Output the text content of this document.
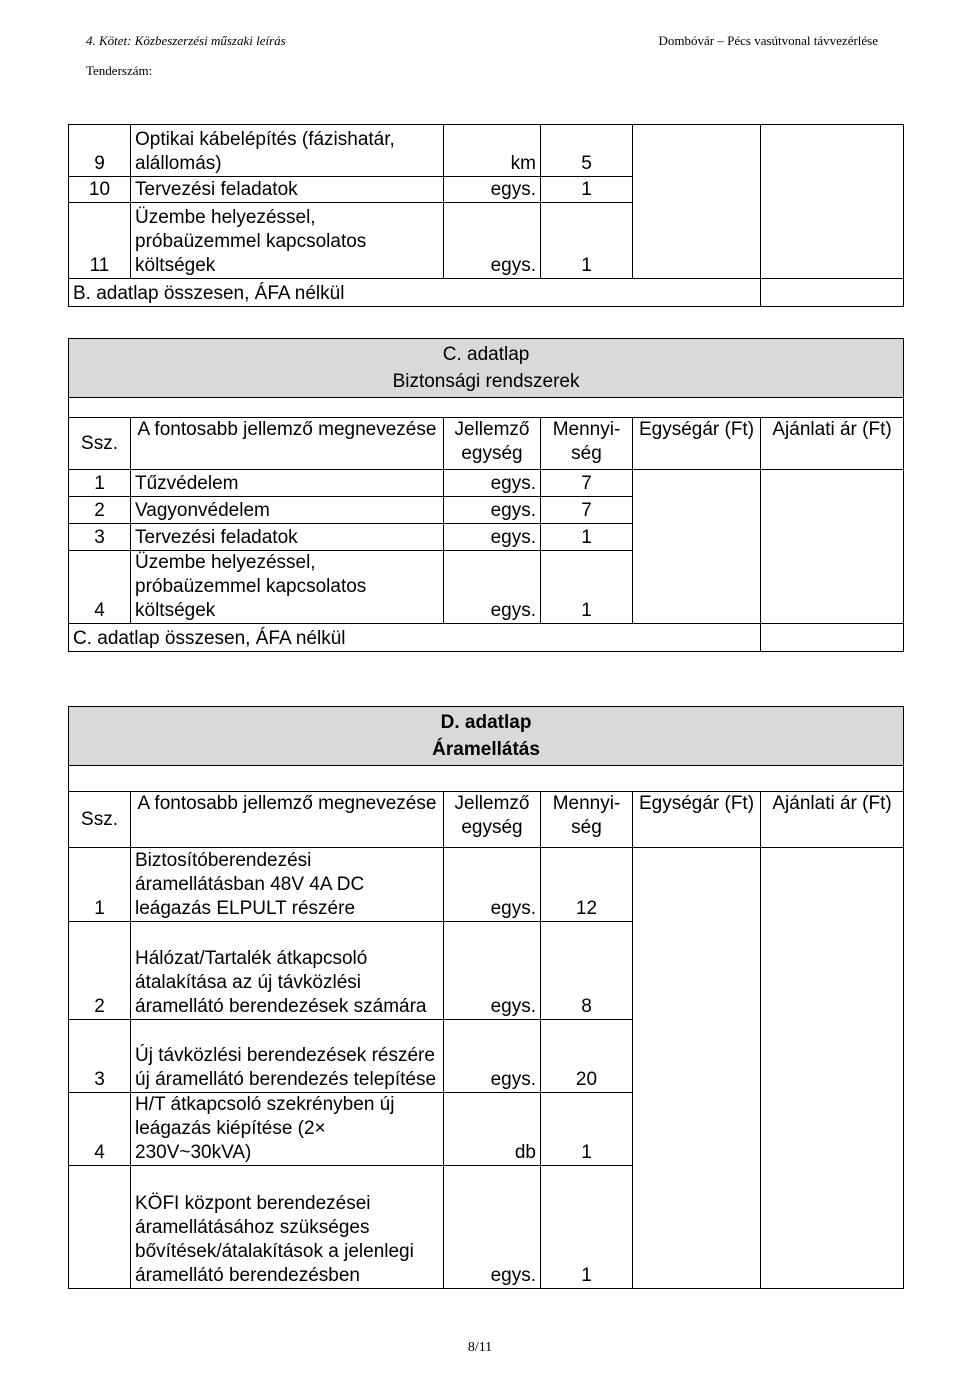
4. Kötet: Közbeszerzési műszaki leírás	Dombóvár – Pécs vasútvonal távvezérlése
Tenderszám:
9	Optikai kábelépítés (fázishatár, alállomás)	km	5		
10	Tervezési feladatok	egys.	1		
11	Üzembe helyezéssel, próbaüzemmel kapcsolatos költségek	egys.	1		
B. adatlap összesen, ÁFA nélkül					
C. adatlap
Biztonsági rendszerek					

Ssz.	A fontosabb jellemző megnevezése	Jellemző egység	Mennyi-ség	Egységár (Ft)	Ajánlati ár (Ft)
1	Tűzvédelem	egys.	7		
2	Vagyonvédelem	egys.	7		
3	Tervezési feladatok	egys.	1		
4	Üzembe helyezéssel, próbaüzemmel kapcsolatos költségek	egys.	1		
C. adatlap összesen, ÁFA nélkül					
D. adatlap
Áramellátás					

Ssz.	A fontosabb jellemző megnevezése	Jellemző egység	Mennyi-ség	Egységár (Ft)	Ajánlati ár (Ft)
1	Biztosítóberendezési áramellátásban 48V 4A DC leágazás ELPULT részére	egys.	12		
2	Hálózat/Tartalék átkapcsoló átalakítása az új távközlési áramellátó berendezések számára	egys.	8		
3	Új távközlési berendezések részére új áramellátó berendezés telepítése	egys.	20		
4	H/T átkapcsoló szekrényben új leágazás kiépítése (2× 230V~30kVA)	db	1		
	KÖFI központ berendezései áramellátásához szükséges bővítések/átalakítások a jelenlegi áramellátó berendezésben	egys.	1		
8/11
